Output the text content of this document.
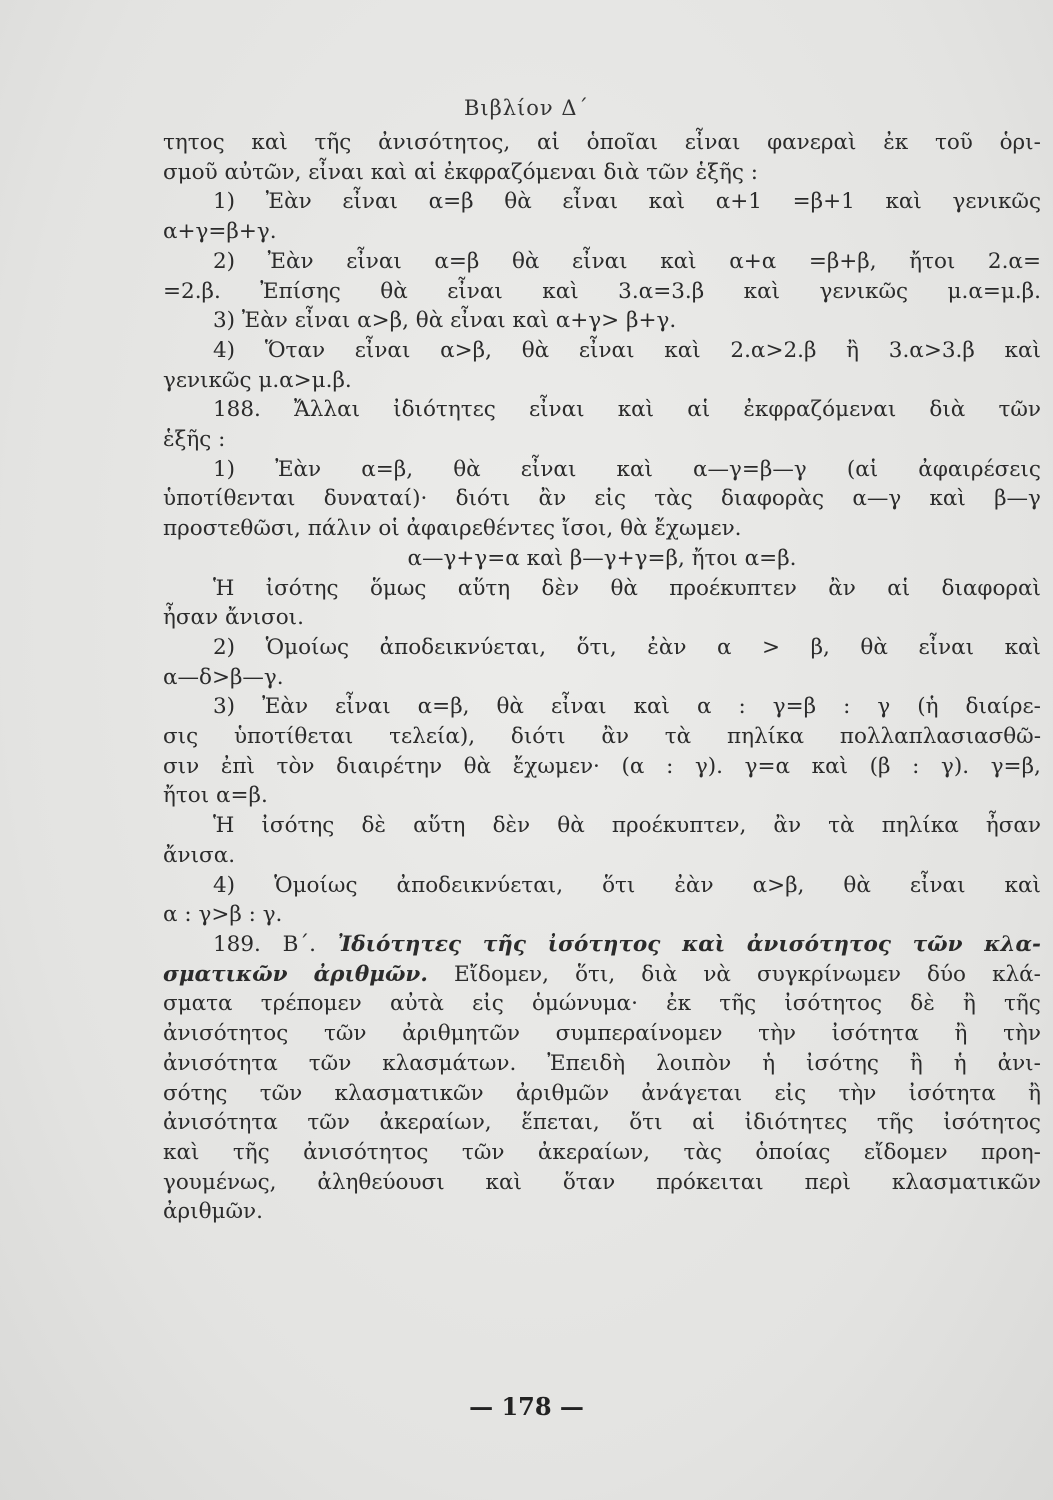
Βιβλίον Δ΄
τητος καὶ τῆς ἀνισότητος, αἱ ὁποῖαι εἶναι φανεραὶ ἐκ τοῦ ὁρι-
σμοῦ
αὐτῶν,
εἶναι
καὶ
αἱ
ἐκφραζόμεναι
διὰ
τῶν
ἑξῆς
:
1) Ἐὰν εἶναι α=β θὰ εἶναι καὶ α+1 =β+1 καὶ γενικῶς
α+γ=β+γ.
2) Ἐὰν εἶναι α=β θὰ εἶναι καὶ α+α =β+β, ἤτοι 2.α=
=2.β. Ἐπίσης θὰ εἶναι καὶ 3.α=3.β καὶ γενικῶς μ.α=μ.β.
3)
Ἐὰν
εἶναι
α>β,
θὰ
εἶναι
καὶ
α+γ>
β+γ.
4) Ὅταν εἶναι α>β, θὰ εἶναι καὶ 2.α>2.β ἢ 3.α>3.β καὶ
γενικῶς
μ.α>μ.β.
188. Ἄλλαι ἰδιότητες εἶναι καὶ αἱ ἐκφραζόμεναι διὰ τῶν
ἑξῆς
:
1) Ἐὰν α=β, θὰ εἶναι καὶ α—γ=β—γ (αἱ ἀφαιρέσεις
ὑποτίθενται δυναταί)· διότι ἂν εἰς τὰς διαφορὰς α—γ καὶ β—γ
προστεθῶσι,
πάλιν
οἱ
ἀφαιρεθέντες
ἴσοι,
θὰ
ἔχωμεν.
α—γ+γ=α
καὶ
β—γ+γ=β,
ἤτοι
α=β.
Ἡ ἰσότης ὅμως αὕτη δὲν θὰ προέκυπτεν ἂν αἱ διαφοραὶ
ἦσαν
ἄνισοι.
2) Ὁμοίως ἀποδεικνύεται, ὅτι, ἐὰν α > β, θὰ εἶναι καὶ
α—δ>β—γ.
3) Ἐὰν εἶναι α=β, θὰ εἶναι καὶ α : γ=β : γ (ἡ διαίρε-
σις ὑποτίθεται τελεία), διότι ἂν τὰ πηλίκα πολλαπλασιασθῶ-
σιν ἐπὶ τὸν διαιρέτην θὰ ἔχωμεν· (α : γ). γ=α καὶ (β : γ). γ=β,
ἤτοι
α=β.
Ἡ ἰσότης δὲ αὕτη δὲν θὰ προέκυπτεν, ἂν τὰ πηλίκα ἦσαν
ἄνισα.
4) Ὁμοίως ἀποδεικνύεται, ὅτι ἐὰν α>β, θὰ εἶναι καὶ
α
:
γ>β
:
γ.
189. Β΄. Ἰδιότητες τῆς ἰσότητος καὶ ἀνισότητος τῶν κλα-
σματικῶν ἀριθμῶν. Εἴδομεν, ὅτι, διὰ νὰ συγκρίνωμεν δύο κλά-
σματα τρέπομεν αὐτὰ εἰς ὁμώνυμα· ἐκ τῆς ἰσότητος δὲ ἢ τῆς
ἀνισότητος τῶν ἀριθμητῶν συμπεραίνομεν τὴν ἰσότητα ἢ τὴν
ἀνισότητα τῶν κλασμάτων. Ἐπειδὴ λοιπὸν ἡ ἰσότης ἢ ἡ ἀνι-
σότης τῶν κλασματικῶν ἀριθμῶν ἀνάγεται εἰς τὴν ἰσότητα ἢ
ἀνισότητα τῶν ἀκεραίων, ἕπεται, ὅτι αἱ ἰδιότητες τῆς ἰσότητος
καὶ τῆς ἀνισότητος τῶν ἀκεραίων, τὰς ὁποίας εἴδομεν προη-
γουμένως, ἀληθεύουσι καὶ ὅταν πρόκειται περὶ κλασματικῶν
ἀριθμῶν.
— 178 —
